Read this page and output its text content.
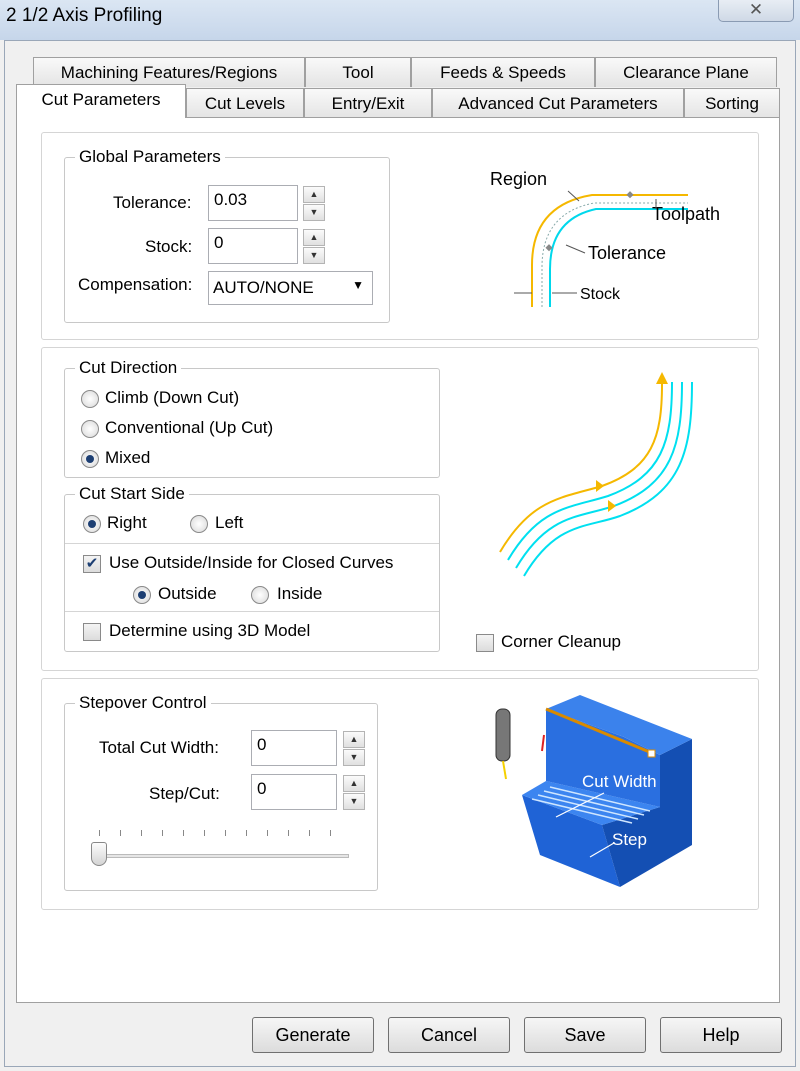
2 1/2 Axis Profiling	✕
Machining Features/Regions	Tool	Feeds & Speeds	Clearance Plane
Cut Parameters	Cut Levels	Entry/Exit	Advanced Cut Parameters	Sorting
Global Parameters
Tolerance:	0.03	▲
▼
Stock:	0	▲
▼
Compensation: AUTO/NONE	▼
Region
Toolpath
Tolerance
Stock
Cut Direction
Climb (Down Cut)
Conventional (Up Cut)
Mixed
Cut Start Side
Right	Left
✔ Use Outside/Inside for Closed Curves
Outside	Inside
Determine using 3D Model
Corner Cleanup
Stepover Control
Total Cut Width:	0	▲
▼
Step/Cut:	0	▲
▼
Cut Width
Step
Generate	Cancel	Save	Help
